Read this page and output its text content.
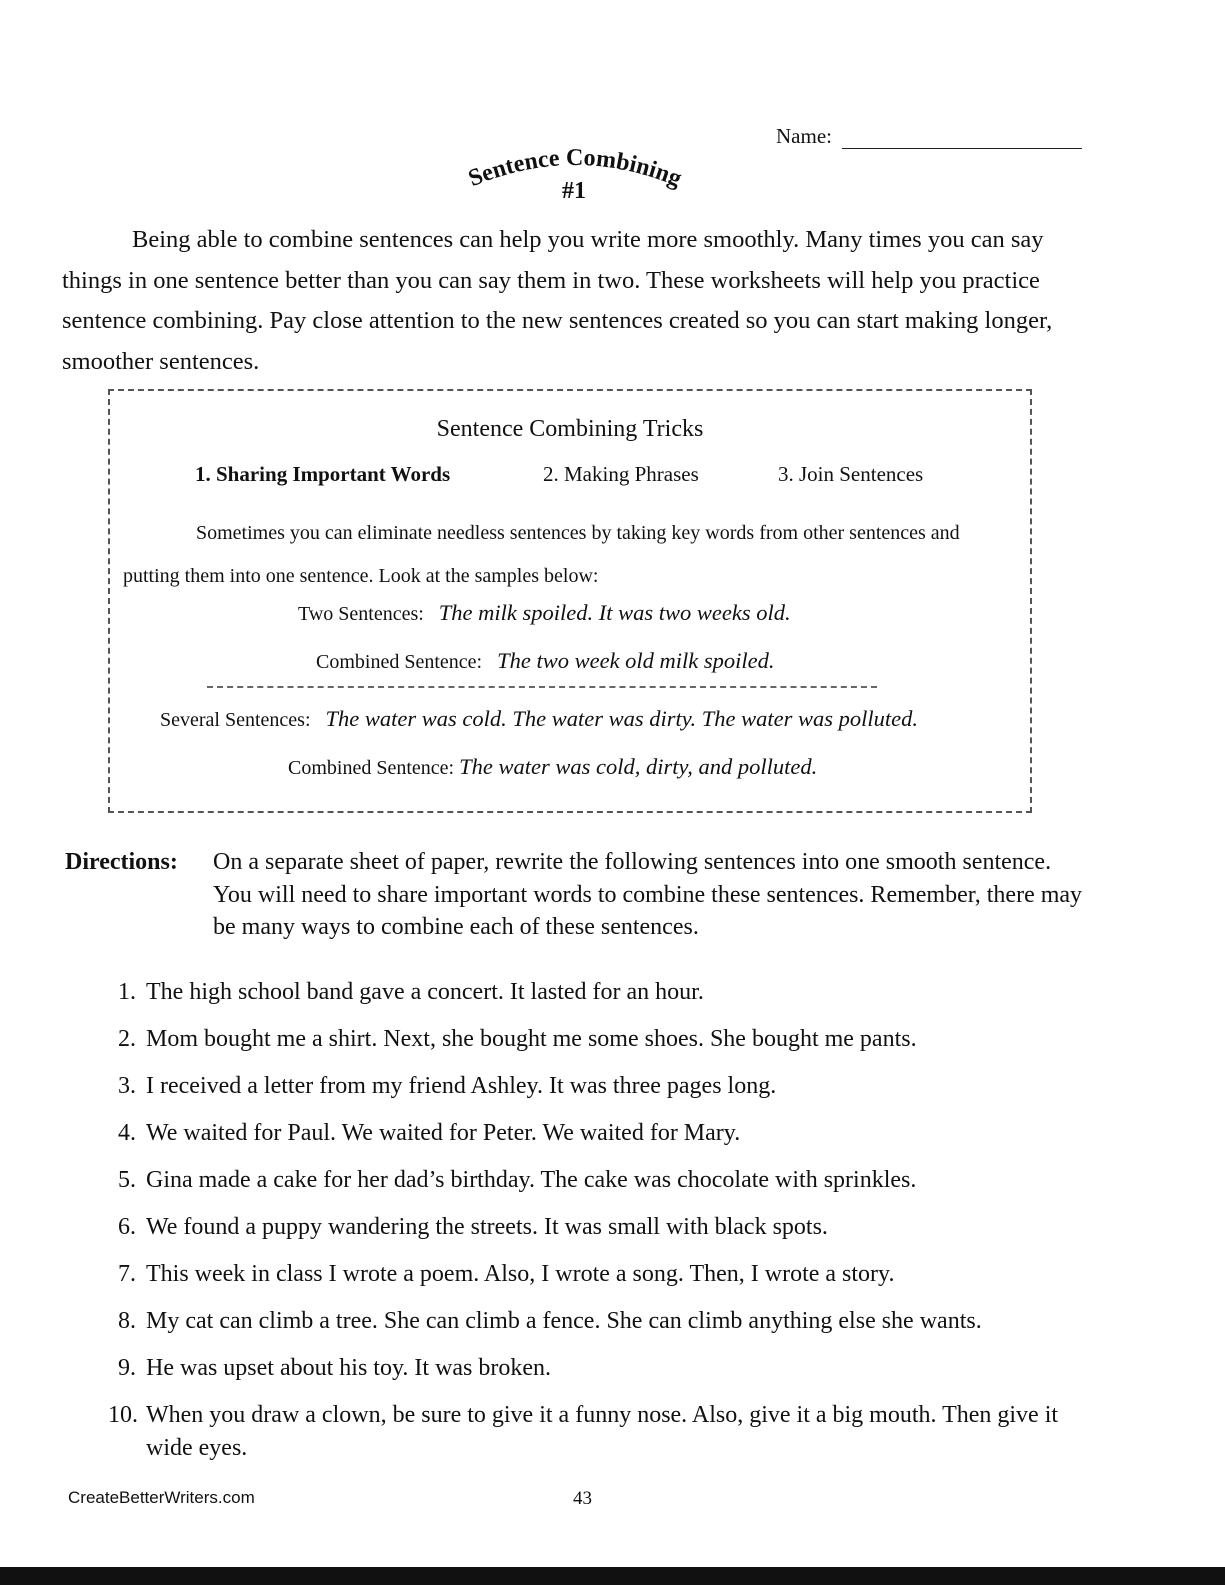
Name:
Sentence Combining
#1

Being able to combine sentences can help you write more smoothly. Many times you can say things in one sentence better than you can say them in two. These worksheets will help you practice sentence combining. Pay close attention to the new sentences created so you can start making longer, smoother sentences.

Sentence Combining Tricks
1. Sharing Important Words	2. Making Phrases	3. Join Sentences

Sometimes you can eliminate needless sentences by taking key words from other sentences and putting them into one sentence. Look at the samples below:

Two Sentences: The milk spoiled. It was two weeks old.
Combined Sentence: The two week old milk spoiled.
Several Sentences: The water was cold. The water was dirty. The water was polluted.
Combined Sentence: The water was cold, dirty, and polluted.
Directions: On a separate sheet of paper, rewrite the following sentences into one smooth sentence. You will need to share important words to combine these sentences. Remember, there may be many ways to combine each of these sentences.
1. The high school band gave a concert. It lasted for an hour.
2. Mom bought me a shirt. Next, she bought me some shoes. She bought me pants.
3. I received a letter from my friend Ashley. It was three pages long.
4. We waited for Paul. We waited for Peter. We waited for Mary.
5. Gina made a cake for her dad’s birthday. The cake was chocolate with sprinkles.
6. We found a puppy wandering the streets. It was small with black spots.
7. This week in class I wrote a poem. Also, I wrote a song. Then, I wrote a story.
8. My cat can climb a tree. She can climb a fence. She can climb anything else she wants.
9. He was upset about his toy. It was broken.
10. When you draw a clown, be sure to give it a funny nose. Also, give it a big mouth. Then give it wide eyes.
CreateBetterWriters.com	43
